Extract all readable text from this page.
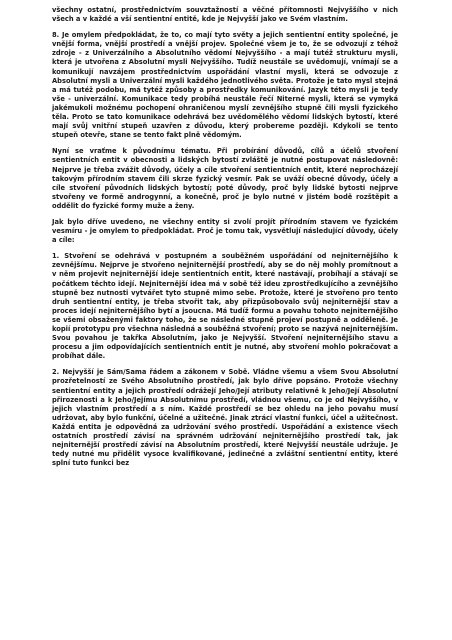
všechny ostatní, prostřednictvím souvztažností a věčné přítomnosti Nejvyššího v nich všech a v každé a vší sentientní entitě, kde je Nejvyšší jako ve Svém vlastním.

8. Je omylem předpokládat, že to, co mají tyto světy a jejich sentientní entity společné, je vnější forma, vnější prostředí a vnější projev. Společné všem je to, že se odvozují z téhož zdroje - z Univerzálního a Absolutního vědomí Nejvyššího - a mají tutéž strukturu mysli, která je utvořena z Absolutní mysli Nejvyššího. Tudíž neustále se uvědomují, vnímají se a komunikují navzájem prostřednictvím uspořádání vlastní mysli, která se odvozuje z Absolutní mysli a Univerzální mysli každého jednotlivého světa. Protože je tato mysl stejná a má tutéž podobu, má tytéž způsoby a prostředky komunikování. Jazyk této mysli je tedy vše - univerzální. Komunikace tedy probíhá neustále řečí Niterné mysli, která se vymyká jakémukoli možnému pochopení ohraničenou myslí zevnějšího stupně čili mysli fyzického těla. Proto se tato komunikace odehrává bez uvědomělého vědomí lidských bytostí, které mají svůj vnitřní stupeň uzavřen z důvodu, který probereme později. Kdykoli se tento stupeň otevře, stane se tento fakt plně vědomým.

Nyní se vraťme k původnímu tématu. Při probírání důvodů, cílů a účelů stvoření sentientních entit v obecnosti a lidských bytostí zvláště je nutné postupovat následovně: Nejprve je třeba zvážit důvody, účely a cíle stvoření sentientních entit, které neprocházejí takovým přírodním stavem čili skrze fyzický vesmír. Pak se uváží obecné důvody, účely a cíle stvoření původních lidských bytostí; poté důvody, proč byly lidské bytosti nejprve stvořeny ve formě androgynní, a konečně, proč je bylo nutné v jistém bodě rozštěpit a oddělit do fyzické formy muže a ženy.

Jak bylo dříve uvedeno, ne všechny entity si zvolí projít přírodním stavem ve fyzickém vesmíru - je omylem to předpokládat. Proč je tomu tak, vysvětlují následující důvody, účely a cíle:

1. Stvoření se odehrává v postupném a souběžném uspořádání od nejniternějšího k zevnějšímu. Nejprve je stvořeno nejniternější prostředí, aby se do něj mohly promítnout a v něm projevit nejniternější ideje sentientních entit, které nastávají, probíhají a stávají se počátkem těchto idejí. Nejniternější idea má v sobě též ideu zprostředkujícího a zevnějšího stupně bez nutnosti vytvářet tyto stupně mimo sebe. Protože, které je stvořeno pro tento druh sentientní entity, je třeba stvořit tak, aby přizpůsobovalo svůj nejniternější stav a proces idejí nejniternějšího bytí a jsoucna. Má tudíž formu a povahu tohoto nejniternějšího se všemi obsaženými faktory toho, že se následné stupně projeví postupně a odděleně. Je kopií prototypu pro všechna následná a souběžná stvoření; proto se nazývá nejniternějším. Svou povahou je takřka Absolutním, jako je Nejvyšší. Stvoření nejniternějšího stavu a procesu a jim odpovídajících sentientních entit je nutné, aby stvoření mohlo pokračovat a probíhat dále.

2. Nejvyšší je Sám/Sama řádem a zákonem v Sobě. Vládne všemu a všem Svou Absolutní prozřetelností ze Svého Absolutního prostředí, jak bylo dříve popsáno. Protože všechny sentientní entity a jejich prostředí odrážejí Jeho/Její atributy relativně k Jeho/Její Absolutní přirozenosti a k Jeho/Jejímu Absolutnímu prostředí, vládnou všemu, co je od Nejvyššího, v jejich vlastním prostředí a s ním. Každé prostředí se bez ohledu na jeho povahu musí udržovat, aby bylo funkční, účelné a užitečné. Jinak ztrácí vlastní funkci, účel a užitečnost. Každá entita je odpovědná za udržování svého prostředí. Uspořádání a existence všech ostatních prostředí závisí na správném udržování nejniternějšího prostředí tak, jak nejniternější prostředí závisí na Absolutním prostředí, které Nejvyšší neustále udržuje. Je tedy nutné mu přidělit vysoce kvalifikované, jedinečné a zvláštní sentientní entity, které splní tuto funkci bez
